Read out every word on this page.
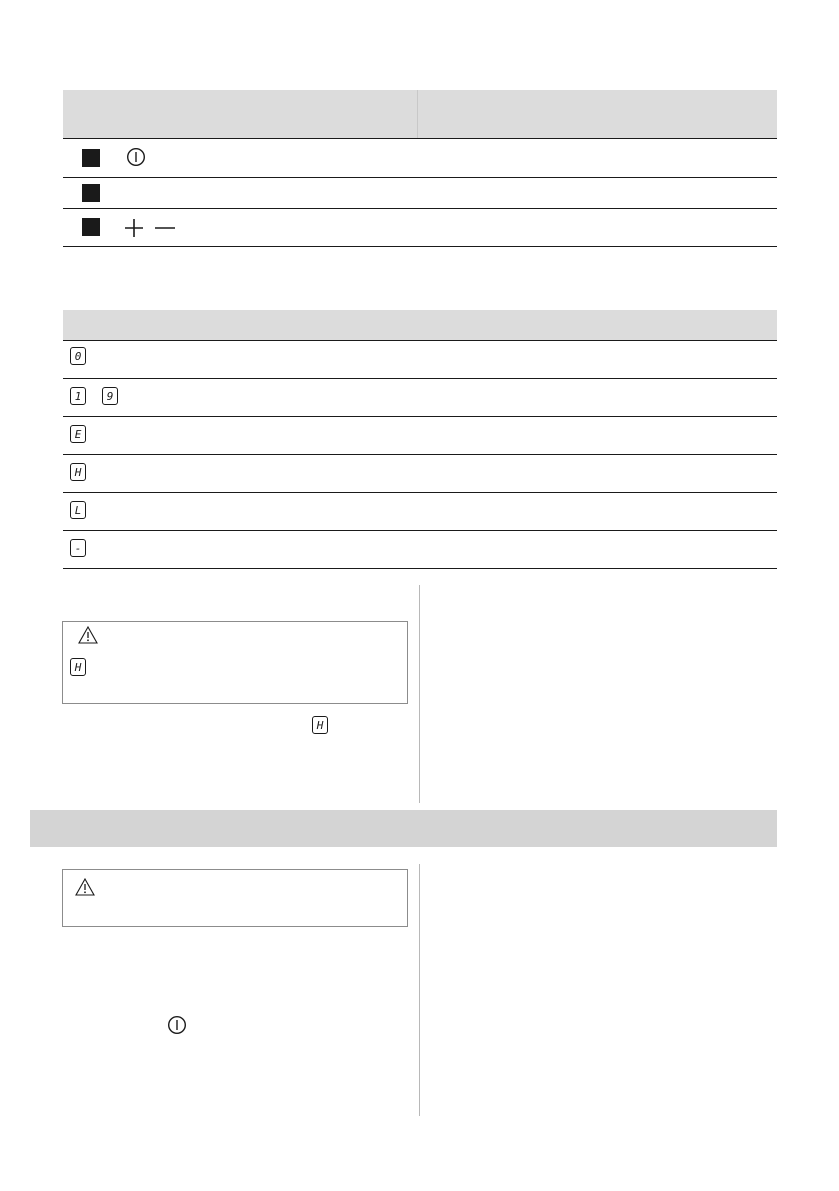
0
1	9
E
H
L
-
H
H
